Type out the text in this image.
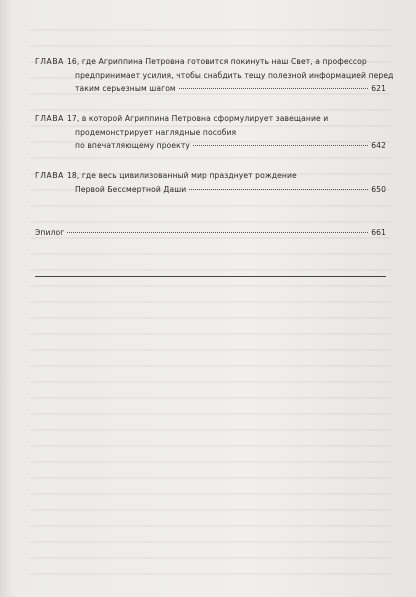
ГЛАВА 16, где Агриппина Петровна готовится покинуть наш Свет, а профессор
предпринимает усилия, чтобы снабдить тещу полезной информацией перед
таким серьезным шагом	621
ГЛАВА 17, в которой Агриппина Петровна сформулирует завещание и
продемонстрирует наглядные пособия
по впечатляющему проекту	642
ГЛАВА 18, где весь цивилизованный мир празднует рождение
Первой Бессмертной Даши	650
Эпилог	661
